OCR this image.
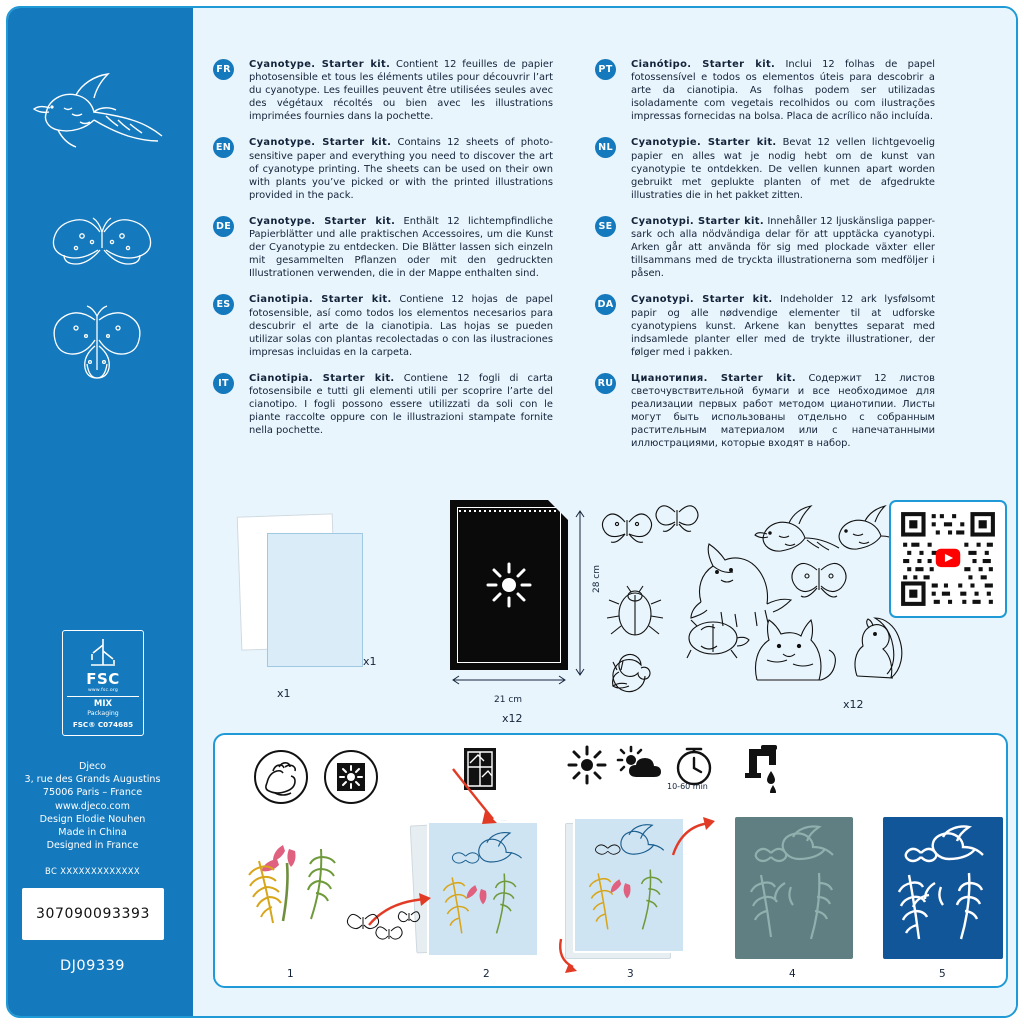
FSC
www.fsc.org
MIX
Packaging
FSC® C074685
Djeco
3, rue des Grands Augustins
75006 Paris – France
www.djeco.com
Design Elodie Nouhen
Made in China
Designed in France
BC XXXXXXXXXXXXX
307090093393
DJ09339
FR	Cyanotype. Starter kit. Contient 12 feuilles de papier photosensible et tous les éléments utiles pour découvrir l’art du cyanotype. Les feuilles peuvent être utilisées seules avec des végétaux récoltés ou bien avec les illustrations imprimées fournies dans la pochette.
EN Cyanotype. Starter kit. Contains 12 sheets of photo-sensitive paper and everything you need to discover the art of cyanotype printing. The sheets can be used on their own with plants you’ve picked or with the printed illustrations provided in the pack.
DE Cyanotype. Starter kit. Enthält 12 lichtempfindliche Papierblätter und alle praktischen Accessoires, um die Kunst der Cyanotypie zu entdecken. Die Blätter lassen sich einzeln mit gesammelten Pflanzen oder mit den gedruckten Illustrationen verwenden, die in der Mappe enthalten sind.
ES	Cianotipia. Starter kit. Contiene 12 hojas de papel fotosensible, así como todos los elementos necesarios para descubrir el arte de la cianotipia. Las hojas se pueden utilizar solas con plantas recolectadas o con las ilustraciones impresas incluidas en la carpeta.
IT	Cianotipia. Starter kit. Contiene 12 fogli di carta fotosensibile e tutti gli elementi utili per scoprire l’arte del cianotipo. I fogli possono essere utilizzati da soli con le piante raccolte oppure con le illustrazioni stampate fornite nella pochette.
PT	Cianótipo. Starter kit. Inclui 12 folhas de papel fotossensível e todos os elementos úteis para descobrir a arte da cianotipia. As folhas podem ser utilizadas isoladamente com vegetais recolhidos ou com ilustrações impressas fornecidas na bolsa. Placa de acrílico não incluída.
NL	Cyanotypie. Starter kit. Bevat 12 vellen lichtgevoelig papier en alles wat je nodig hebt om de kunst van cyanotypie te ontdekken. De vellen kunnen apart worden gebruikt met geplukte planten of met de afgedrukte illustraties die in het pakket zitten.
SE	Cyanotypi. Starter kit. Innehåller 12 ljuskänsliga papper-sark och alla nödvändiga delar för att upptäcka cyanotypi. Arken går att använda för sig med plockade växter eller tillsammans med de tryckta illustrationerna som medföljer i påsen.
DA Cyanotypi. Starter kit. Indeholder 12 ark lysfølsomt papir og alle nødvendige elementer til at udforske cyanotypiens kunst. Arkene kan benyttes separat med indsamlede planter eller med de trykte illustrationer, der følger med i pakken.
RU Цианотипия. Starter kit. Содержит 12 листов светочувствительной бумаги и все необходимое для реализации первых работ методом цианотипии. Листы могут быть использованы отдельно с собранным растительным материалом или с напечатанными иллюстрациями, которые входят в набор.
x1
x1
28 cm
21 cm
x12
x12
10-60 min
1	2	3	4	5
